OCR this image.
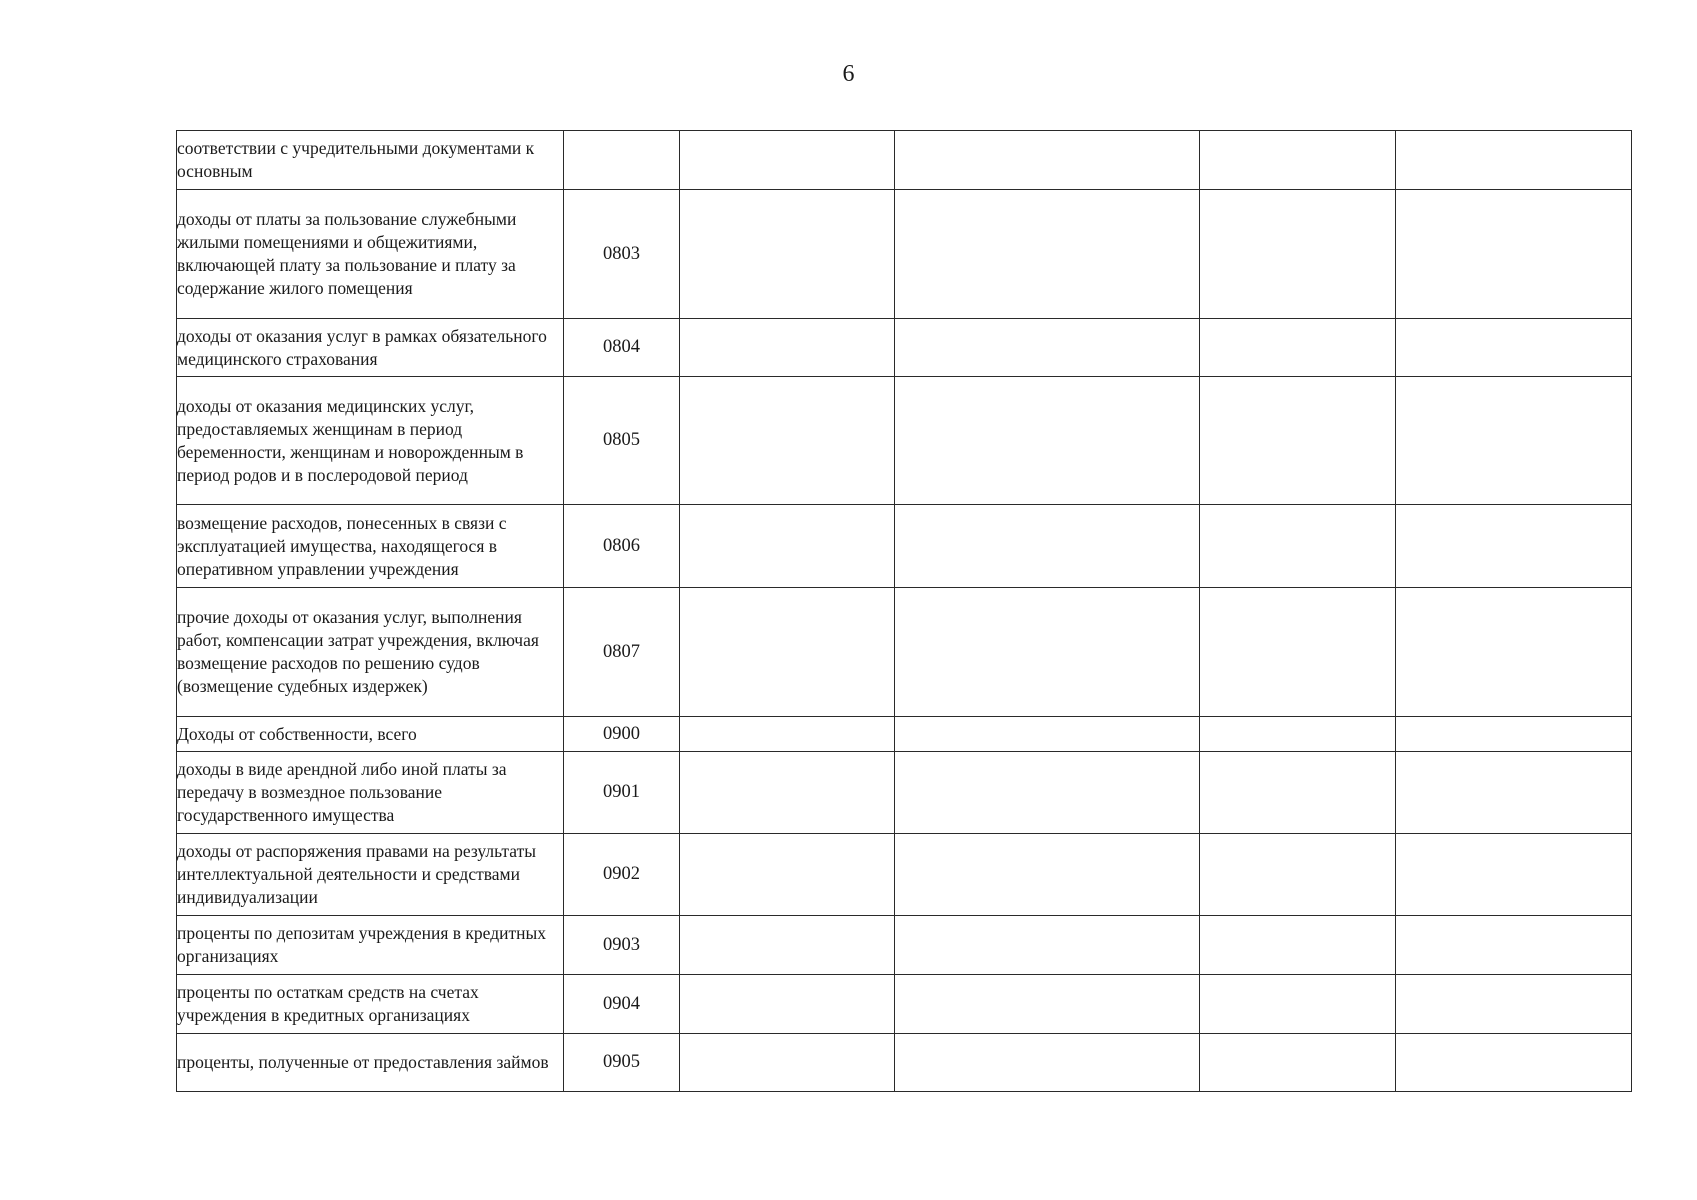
6
соответствии с учредительными документами к основным					
доходы от платы за пользование служебными жилыми помещениями и общежитиями, включающей плату за пользование и плату за содержание жилого помещения	0803				
доходы от оказания услуг в рамках обязательного медицинского страхования	0804				
доходы от оказания медицинских услуг, предоставляемых женщинам в период беременности, женщинам и новорожденным в период родов и в послеродовой период	0805				
возмещение расходов, понесенных в связи с эксплуатацией имущества, находящегося в оперативном управлении учреждения	0806				
прочие доходы от оказания услуг, выполнения работ, компенсации затрат учреждения, включая возмещение расходов по решению судов (возмещение судебных издержек)	0807				
Доходы от собственности, всего	0900				
доходы в виде арендной либо иной платы за передачу в возмездное пользование государственного имущества	0901				
доходы от распоряжения правами на результаты интеллектуальной деятельности и средствами индивидуализации	0902				
проценты по депозитам учреждения в кредитных организациях	0903				
проценты по остаткам средств на счетах учреждения в кредитных организациях	0904				
проценты, полученные от предоставления займов	0905				
